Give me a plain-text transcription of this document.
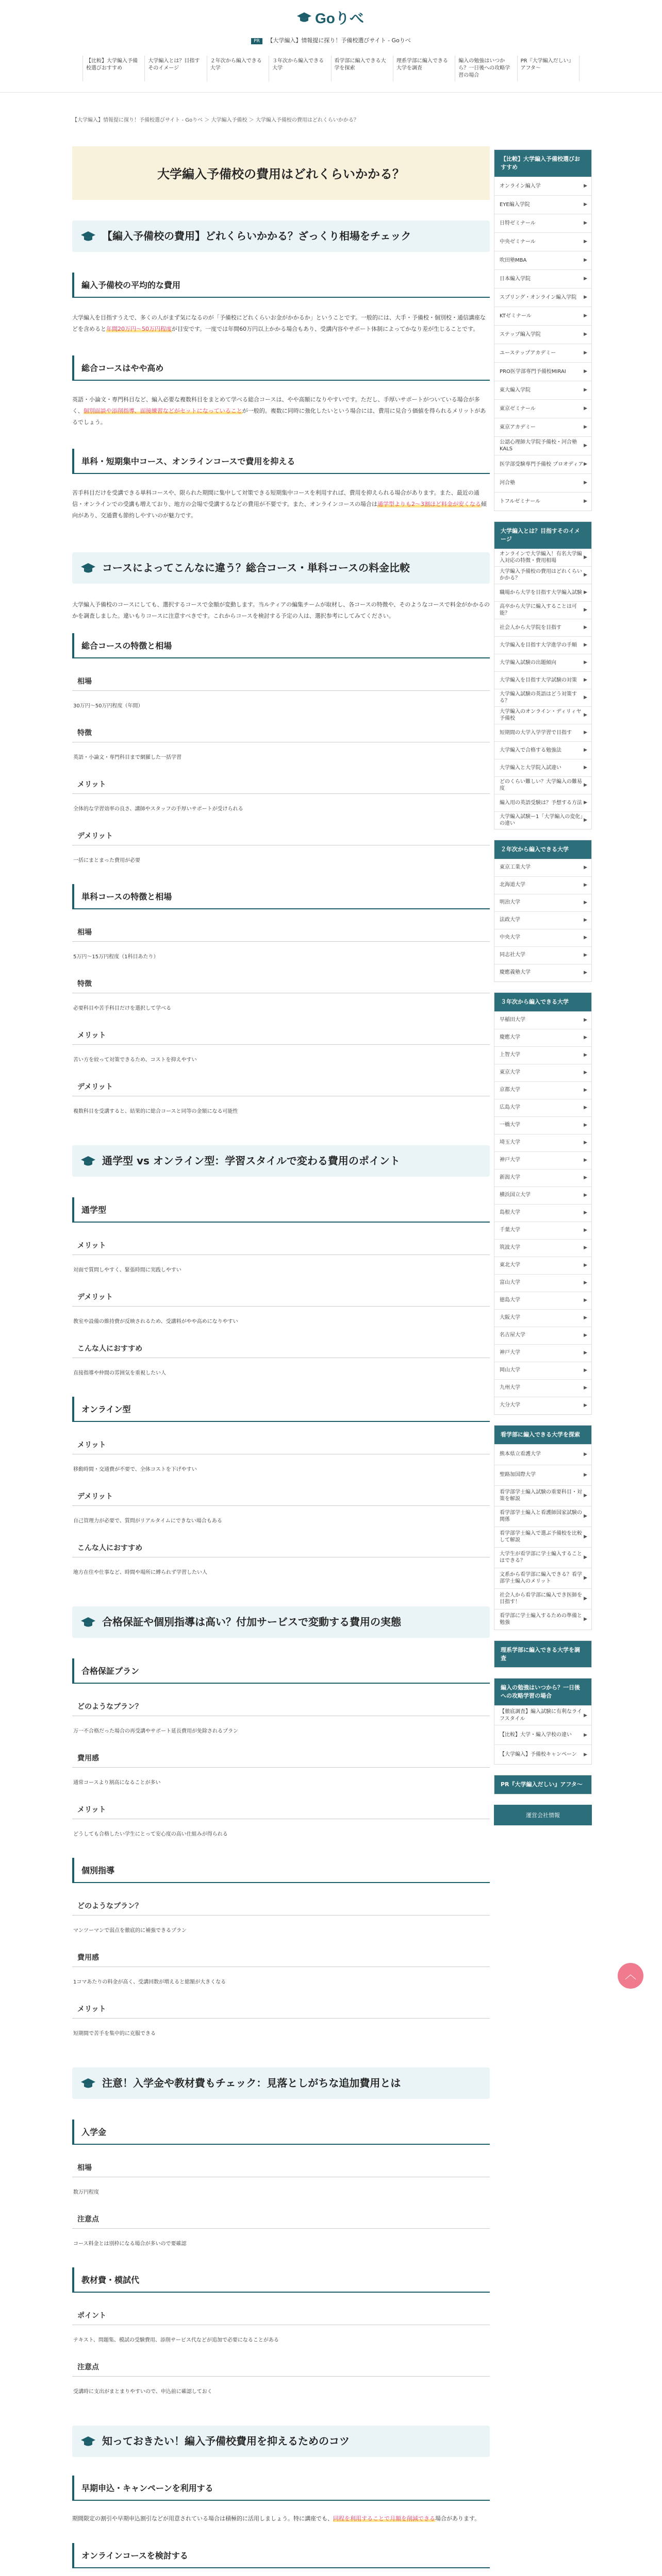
Goりべ
PR 【大学編入】情報提に探り！予備校選びサイト - Goりべ
【比較】大学編入予備校選びおすすめ
大学編入とは？目指すそのイメージ
２年次から編入できる大学
３年次から編入できる大学
看学部に編入できる大学を探索
理系学部に編入できる大学を調査
編入の勉強はいつから？一日後への攻略学習の場合
PR『大学編入だしい』アフタ～
【大学編入】情報提に探り！予備校選びサイト - Goりべ ＞ 大学編入予備校 ＞ 大学編入予備校の費用はどれくらいかかる？
大学編入予備校の費用はどれくらいかかる？
【編入予備校の費用】どれくらいかかる？ざっくり相場をチェック
編入予備校の平均的な費用

大学編入を目指すうえで、多くの人がまず気になるのが「予備校にどれくらいお金がかかるか」ということです。一般的には、大手・予備校・個別校・通信講座などを含めると年間20万円〜50万円程度が目安です。一度では年間60万円以上かかる場合もあり、受講内容やサポート体制によってかなり差が生じることです。

総合コースはやや高め

英語・小論文・専門科目など、編入必要な複数科目をまとめて学べる総合コースは、やや高額になりやすいです。ただし、手厚いサポートがついている場合が多く、個別面談や添削指導、面接練習などがセットになっていることが一般的。複数に同時に強化したいという場合には、費用に見合う価値を得られるメリットがあるでしょう。

単科・短期集中コース、オンラインコースで費用を抑える

苦手科目だけを受講できる単科コースや、限られた期間に集中して対策できる短期集中コースを利用すれば、費用を抑えられる場合があります。また、最近の通信・オンラインでの受講も増えており、地方の会場で受講するなどの費用が不要です。また、オンラインコースの場合は通学型よりも2〜3割ほど料金が安くなる傾向があり、交通費も節約しやすいのが魅力です。

コースによってこんなに違う？総合コース・単科コースの料金比較

大学編入予備校のコースにしても、選択するコースで金額が変動します。当ルティアの編集チームが取材し、各コースの特徴や、そのようなコースで料金がかかるのかを調査しました。違いもりコースに注意すべきです。これからコースを検討する予定の人は、選択参考にしてみてください。

総合コースの特徴と相場
相場

30万円〜50万円程度（年間）

特徴

英語・小論文・専門科目まで網羅した一括学習

メリット

全体的な学習効率の良さ、講師やスタッフの手厚いサポートが受けられる

デメリット

一括にまとまった費用が必要

単科コースの特徴と相場
相場

5万円〜15万円程度（1科目あたり）

特徴

必要科目や苦手科目だけを選択して学べる

メリット

苦い方を絞って対策できるため、コストを抑えやすい

デメリット

複数科目を受講すると、結果的に総合コースと同等の金額になる可能性

通学型 vs オンライン型：学習スタイルで変わる費用のポイント
通学型
メリット

対面で質問しやすく、緊張時間に実践しやすい

デメリット

教室や設備の維持費が反映されるため、受講料がやや高めになりやすい

こんな人におすすめ

直接指導や仲間の雰囲気を重視したい人

オンライン型
メリット

移動時間・交通費が不要で、全体コストを下げやすい

デメリット

自己管理力が必要で、質問がリアルタイムにできない場合もある

こんな人におすすめ

地方在住や仕事など、時間や場所に縛られず学習したい人

合格保証や個別指導は高い？付加サービスで変動する費用の実態
合格保証プラン
どのようなプラン？

万一不合格だった場合の再受講やサポート延長費用が免除されるプラン

費用感

通常コースより割高になることが多い

メリット

どうしても合格したい学生にとって安心度の高い仕組みが得られる

個別指導
どのようなプラン？

マンツーマンで弱点を徹底的に補強できるプラン

費用感

1コマあたりの料金が高く、受講回数が増えると総額が大きくなる

メリット

短期間で苦手を集中的に克服できる

注意！入学金や教材費もチェック：見落としがちな追加費用とは
入学金
相場

数万円程度

注意点

コース料金とは別枠になる場合が多いので要確認

教材費・模試代
ポイント

テキスト、問題集、模試の受験費用、添削サービス代などが追加で必要になることがある

注意点

受講時に支出がまとまりやすいので、申込前に確認しておく

知っておきたい！編入予備校費用を抑えるためのコツ
早期申込・キャンペーンを利用する

期間限定の割引や早期申込割引などが用意されている場合は積極的に活用しましょう。特に講座でも、同程を利用することで月額を削減できる場合があります。

オンラインコースを検討する

【比較】大学編入予備校選びおすすめ
オンライン編入学	▶
EYE編入学院	▶
日特ゼミナール	▶
中央ゼミナール	▶
吹田塾MBA	▶
日本編入学院	▶
スプリング・オンライン編入学院 ▶
KTゼミナール	▶
ステップ編入学院	▶
ユーステップアカデミー	▶
PRO医学部専門予備校MIRAI	▶
東大編入学院	▶
東京ゼミナール	▶
東京アカデミー	▶
公認心理師大学院予備校・河合塾KALS
▶
医学部受験専門予備校 プロオディア ▶
河合塾	▶
トフルゼミナール	▶
大学編入とは？目指すそのイメージ
オンラインで大学編入！有名大学編入対応の特徴・費用相場
▶
大学編入予備校の費用はどれくらいかかる？
▶
職場から大学を目指す大学編入試験 ▶
高卒から大学に編入することは可能？
▶
社会人から大学院を目指す	▶
大学編入を目指す大学進学の手順 ▶
大学編入試験の出題傾向	▶
大学編入を目指す大学試験の対策 ▶
大学編入試験の英語はどう対策する？
▶
大学編入のオンライン・ディリィヤ予備校
▶
短期間の大学入学学習で目指す	▶
大学編入で合格する勉強法	▶
大学編入と大学院入試違い	▶
どのくらい難しい？大学編入の難易度
▶
編入用の英語受験は？予想する方法 ▶
大学編入試験ー1「大学編入の変化」の違い
▶
２年次から編入できる大学
東京工業大学	▶
北海道大学	▶
明治大学	▶
法政大学	▶
中央大学	▶
同志社大学	▶
慶應義塾大学	▶
３年次から編入できる大学
早稲田大学	▶
慶應大学	▶
上智大学	▶
東京大学	▶
京都大学	▶
広島大学	▶
一橋大学	▶
埼玉大学	▶
神戸大学	▶
新潟大学	▶
横浜国立大学	▶
島根大学	▶
千葉大学	▶
筑波大学	▶
東北大学	▶
富山大学	▶
徳島大学	▶
大阪大学	▶
名古屋大学	▶
神戸大学	▶
岡山大学	▶
九州大学	▶
大分大学	▶
看学部に編入できる大学を探索
熊本県立看護大学	▶
聖路加国際大学	▶
看学部学士編入試験の重要科目・対策を解説
▶
看学部学士編入と看護師国家試験の関係
▶
看学部学士編入で選ぶ予備校を比較して解説
▶
大学生が看学部に学士編入することはできる？
▶
文系から看学部に編入できる？看学部学士編入のメリット
▶
社会人から看学部に編入でき医師を目指す！
▶
看学部に学士編入するための準備と勉強
▶
理系学部に編入できる大学を調査
編入の勉強はいつから？一日後への攻略学習の場合
【徹底調査】編入試験に有利なライフスタイル
▶
【比較】大学・編入学校の違い	▶
【大学編入】予備校キャンペーン ▶
PR『大学編入だしい』アフタ～
運営会社情報
︿
